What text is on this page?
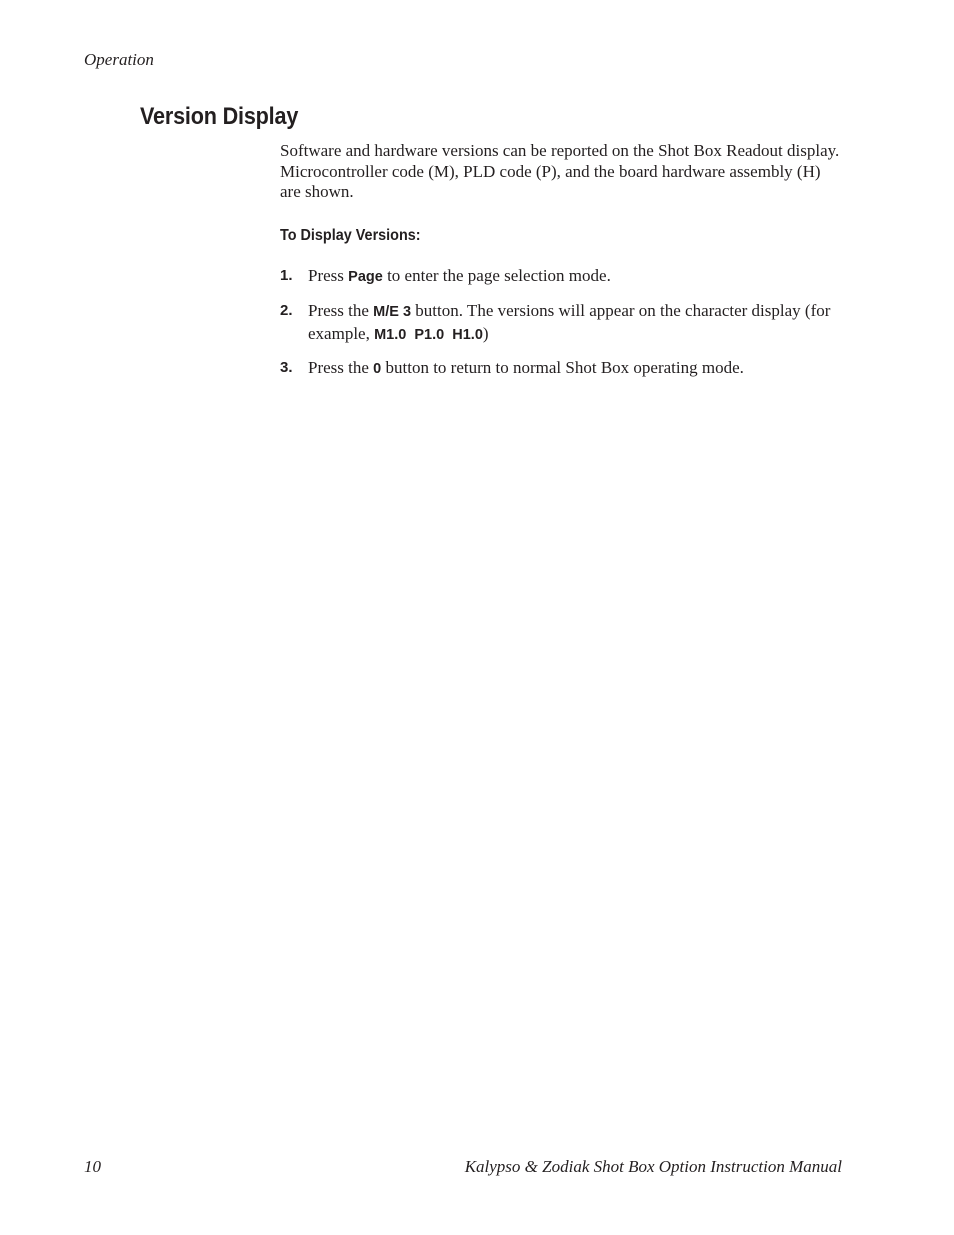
Operation
Version Display

Software and hardware versions can be reported on the Shot Box Readout display. Microcontroller code (M), PLD code (P), and the board hardware assembly (H) are shown.

To Display Versions:
1. Press Page to enter the page selection mode.
2. Press the M/E 3 button. The versions will appear on the character display (for example, M1.0  P1.0  H1.0)
3. Press the 0 button to return to normal Shot Box operating mode.
10	Kalypso & Zodiak Shot Box Option Instruction Manual
